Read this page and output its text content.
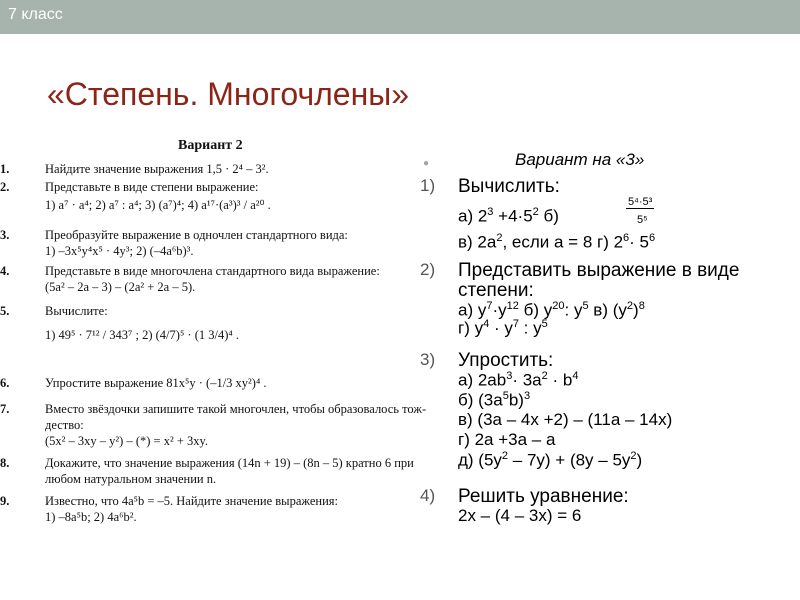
7 класс
«Степень. Многочлены»
Вариант 2
1.	Найдите значение выражения 1,5 · 2⁴ – 3².
2.	Представьте в виде степени выражение:
1) a⁷ · a⁴; 2) a⁷ : a⁴; 3) (a⁷)⁴; 4) a¹⁷·(a³)³ / a²⁰ .
3.	Преобразуйте выражение в одночлен стандартного вида:
1) –3x⁵y⁴x⁵ · 4y³; 2) (–4a⁶b)³.
4.	Представьте в виде многочлена стандартного вида выражение:
(5a² – 2a – 3) – (2a² + 2a – 5).
5.	Вычислите:
1) 49⁵ · 7¹² / 343⁷ ; 2) (4/7)⁵ · (1 3/4)⁴ .
6.	Упростите выражение 81x⁵y · (–1/3 xy²)⁴ .
7.	Вместо звёздочки запишите такой многочлен, чтобы образовалось тож-
дество:
(5x² – 3xy – y²) – (*) = x² + 3xy.
8.	Докажите, что значение выражения (14n + 19) – (8n – 5) кратно 6 при
любом натуральном значении n.
9.	Известно, что 4a⁵b = –5. Найдите значение выражения:
1) –8a⁵b; 2) 4a⁶b².
●	Вариант на «3»
1) Вычислить:
а) $2^3 +4\cdot 5^2$ б)
5⁴·5³
5⁵
в) $2a^2$, если а = 8 г) $2^6\cdot 5^6$
2) Представить выражение в виде
степени:
а) $у^7\cdot у^{12}$ б) $у^{20}$: $у^5$ в) $(у^2)^8$
г) $у^4 \cdot у^7$ : $у^5$
3) Упростить:
а) $2ab^3\cdot 3a^2 \cdot b^4$
б) $(3a^5b)^3$
в) (3а – 4х +2) – (11а – 14х)
г) 2а +3а – а
д) $(5у^2 - 7у) + (8у - 5у^2)$
4) Решить уравнение:
2х – (4 – 3х) = 6
